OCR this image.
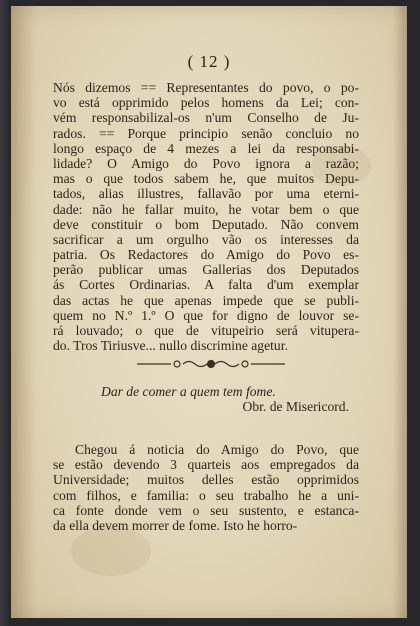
( 12 )
Nós dizemos == Representantes do povo, o po-
vo está opprimido pelos homens da Lei; con-
vém responsabilizal-os n'um Conselho de Ju-
rados. == Porque principio senão concluio no
longo espaço de 4 mezes a lei da responsabi-
lidade? O Amigo do Povo ignora a razão;
mas o que todos sabem he, que muitos Depu-
tados, alias illustres, fallavão por uma eterni-
dade: não he fallar muito, he votar bem o que
deve constituir o bom Deputado. Não convem
sacrificar a um orgulho vão os interesses da
patria. Os Redactores do Amigo do Povo es-
perão publicar umas Gallerias dos Deputados
ás Cortes Ordinarias. A falta d'um exemplar
das actas he que apenas impede que se publi-
quem no N.º 1.º O que for digno de louvor se-
rá louvado; o que de vitupeirio será vitupera-
do. Tros Tiriusve... nullo discrimine agetur.
Dar de comer a quem tem fome.
Obr. de Misericord.
Chegou á noticia do Amigo do Povo, que
se estão devendo 3 quarteis aos empregados da
Universidade; muitos delles estão opprimidos
com filhos, e familia: o seu trabalho he a uni-
ca fonte donde vem o seu sustento, e estanca-
da ella devem morrer de fome. Isto he horro-
